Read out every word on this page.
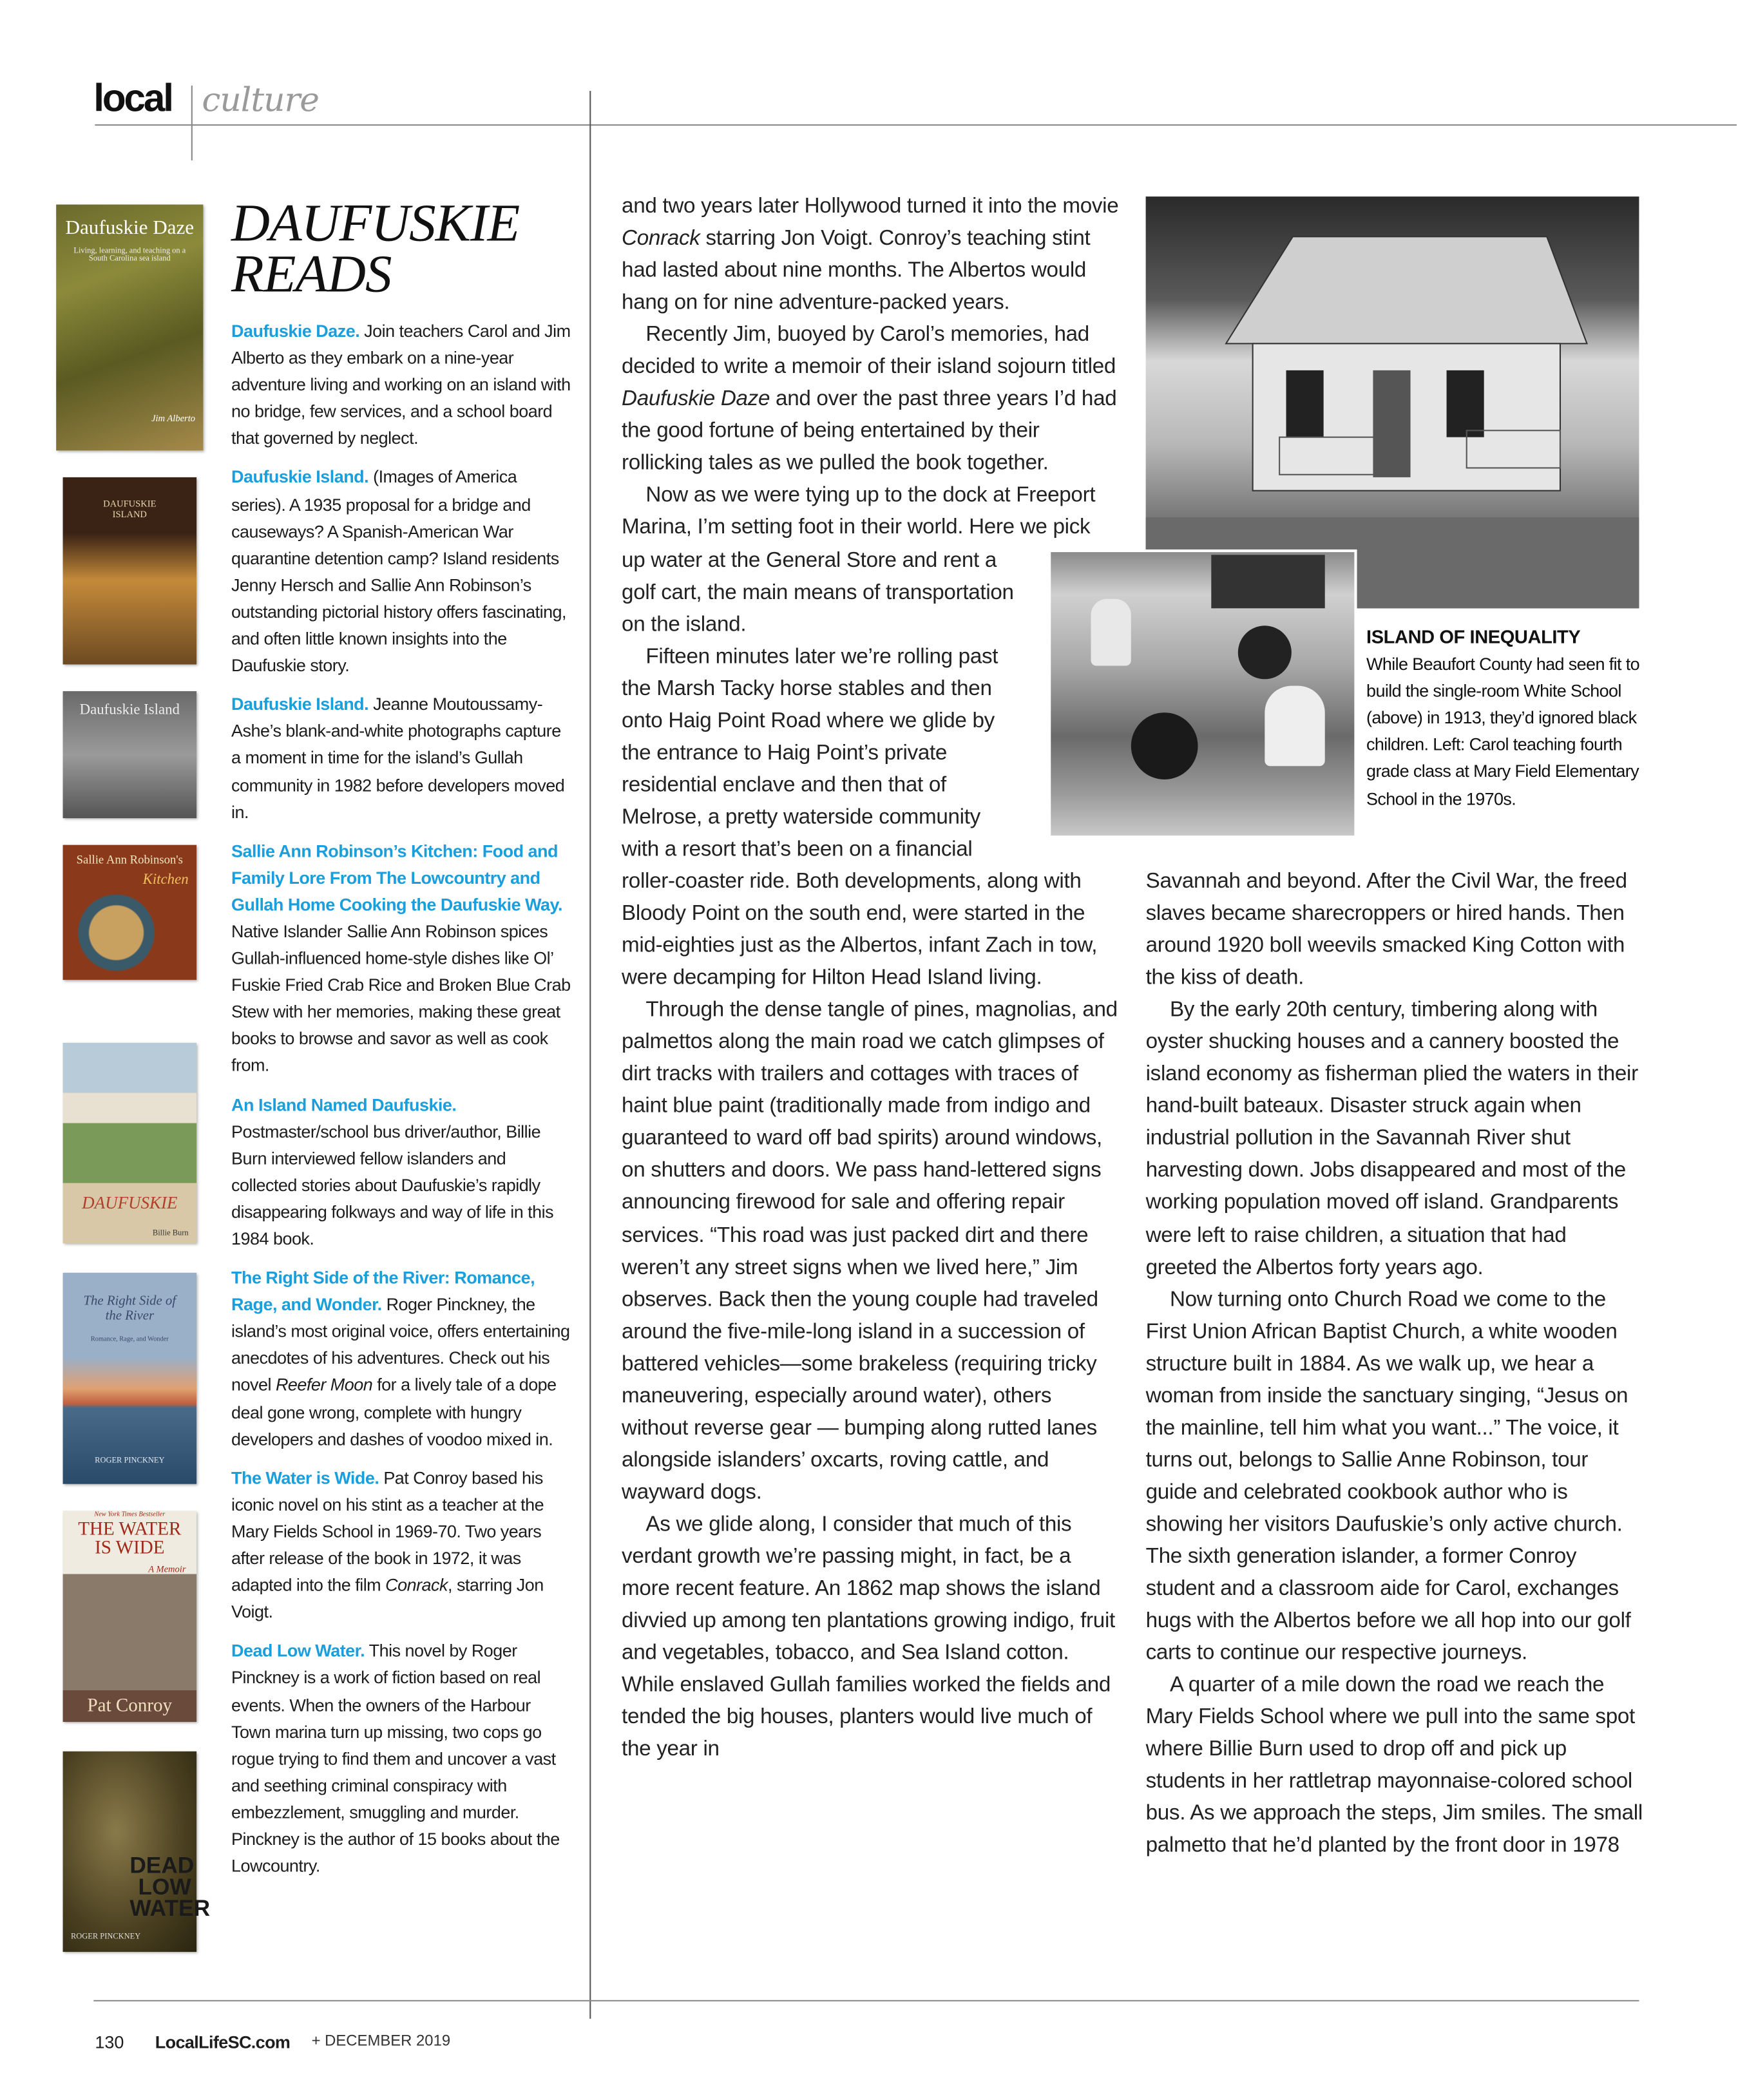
local culture
Daufuskie Daze
Living, learning, and teaching on a South Carolina sea island
Jim Alberto
DAUFUSKIE ISLAND
Daufuskie Island
Sallie Ann Robinson's
Kitchen
DAUFUSKIE
Billie Burn
The Right Side of the River
Romance, Rage, and Wonder
ROGER PINCKNEY
New York Times Bestseller
THE WATER IS WIDE
A Memoir
Pat Conroy
DEAD LOW WATER
ROGER PINCKNEY
DAUFUSKIE
READS

Daufuskie Daze. Join teachers Carol and Jim Alberto as they embark on a nine-year adventure living and working on an island with no bridge, few services, and a school board that governed by neglect.

Daufuskie Island. (Images of America series). A 1935 proposal for a bridge and causeways? A Spanish-American War quarantine detention camp? Island residents Jenny Hersch and Sallie Ann Robinson’s outstanding pictorial history offers fascinating, and often little known insights into the Daufuskie story.

Daufuskie Island. Jeanne Moutoussamy-Ashe’s blank-and-white photographs capture a moment in time for the island’s Gullah community in 1982 before developers moved in.

Sallie Ann Robinson’s Kitchen: Food and Family Lore From The Lowcountry and Gullah Home Cooking the Daufuskie Way. Native Islander Sallie Ann Robinson spices Gullah-influenced home-style dishes like Ol’ Fuskie Fried Crab Rice and Broken Blue Crab Stew with her memories, making these great books to browse and savor as well as cook from.

An Island Named Daufuskie. Postmaster/school bus driver/author, Billie Burn interviewed fellow islanders and collected stories about Daufuskie’s rapidly disappearing folkways and way of life in this 1984 book.

The Right Side of the River: Romance, Rage, and Wonder. Roger Pinckney, the island’s most original voice, offers entertaining anecdotes of his adventures. Check out his novel Reefer Moon for a lively tale of a dope deal gone wrong, complete with hungry developers and dashes of voodoo mixed in.

The Water is Wide. Pat Conroy based his iconic novel on his stint as a teacher at the Mary Fields School in 1969-70. Two years after release of the book in 1972, it was adapted into the film Conrack, starring Jon Voigt.

Dead Low Water. This novel by Roger Pinckney is a work of fiction based on real events. When the owners of the Harbour Town marina turn up missing, two cops go rogue trying to find them and uncover a vast and seething criminal conspiracy with embezzlement, smuggling and murder. Pinckney is the author of 15 books about the Lowcountry.

and two years later Hollywood turned it into the movie Conrack starring Jon Voigt. Conroy’s teaching stint had lasted about nine months. The Albertos would hang on for nine adventure-packed years.

Recently Jim, buoyed by Carol’s memories, had decided to write a memoir of their island sojourn titled Daufuskie Daze and over the past three years I’d had the good fortune of being entertained by their rollicking tales as we pulled the book together.

Now as we were tying up to the dock at Freeport Marina, I’m setting foot in their world. Here we pick up water at the General Store and rent a golf cart, the main means of transportation on the island.

Fifteen minutes later we’re rolling past the Marsh Tacky horse stables and then onto Haig Point Road where we glide by the entrance to Haig Point’s private residential enclave and then that of Melrose, a pretty waterside community with a resort that’s been on a financial roller-coaster ride. Both developments, along with Bloody Point on the south end, were started in the mid-eighties just as the Albertos, infant Zach in tow, were decamping for Hilton Head Island living.

Through the dense tangle of pines, magnolias, and palmettos along the main road we catch glimpses of dirt tracks with trailers and cottages with traces of haint blue paint (traditionally made from indigo and guaranteed to ward off bad spirits) around windows, on shutters and doors. We pass hand-lettered signs announcing firewood for sale and offering repair services. “This road was just packed dirt and there weren’t any street signs when we lived here,” Jim observes. Back then the young couple had traveled around the five-mile-long island in a succession of battered vehicles—some brakeless (requiring tricky maneuvering, especially around water), others without reverse gear — bumping along rutted lanes alongside islanders’ oxcarts, roving cattle, and wayward dogs.

As we glide along, I consider that much of this verdant growth we’re passing might, in fact, be a more recent feature. An 1862 map shows the island divvied up among ten plantations growing indigo, fruit and vegetables, tobacco, and Sea Island cotton. While enslaved Gullah families worked the fields and tended the big houses, planters would live much of the year in

Savannah and beyond. After the Civil War, the freed slaves became sharecroppers or hired hands. Then around 1920 boll weevils smacked King Cotton with the kiss of death.

By the early 20th century, timbering along with oyster shucking houses and a cannery boosted the island economy as fisherman plied the waters in their hand-built bateaux. Disaster struck again when industrial pollution in the Savannah River shut harvesting down. Jobs disappeared and most of the working population moved off island. Grandparents were left to raise children, a situation that had greeted the Albertos forty years ago.

Now turning onto Church Road we come to the First Union African Baptist Church, a white wooden structure built in 1884. As we walk up, we hear a woman from inside the sanctuary singing, “Jesus on the mainline, tell him what you want...” The voice, it turns out, belongs to Sallie Anne Robinson, tour guide and celebrated cookbook author who is showing her visitors Daufuskie’s only active church. The sixth generation islander, a former Conroy student and a classroom aide for Carol, exchanges hugs with the Albertos before we all hop into our golf carts to continue our respective journeys.

A quarter of a mile down the road we reach the Mary Fields School where we pull into the same spot where Billie Burn used to drop off and pick up students in her rattletrap mayonnaise-colored school bus. As we approach the steps, Jim smiles. The small palmetto that he’d planted by the front door in 1978

ISLAND OF INEQUALITY
While Beaufort County had seen fit to build the single-room White School (above) in 1913, they’d ignored black children. Left: Carol teaching fourth grade class at Mary Field Elementary School in the 1970s.
130	LocalLifeSC.com	+ DECEMBER 2019
